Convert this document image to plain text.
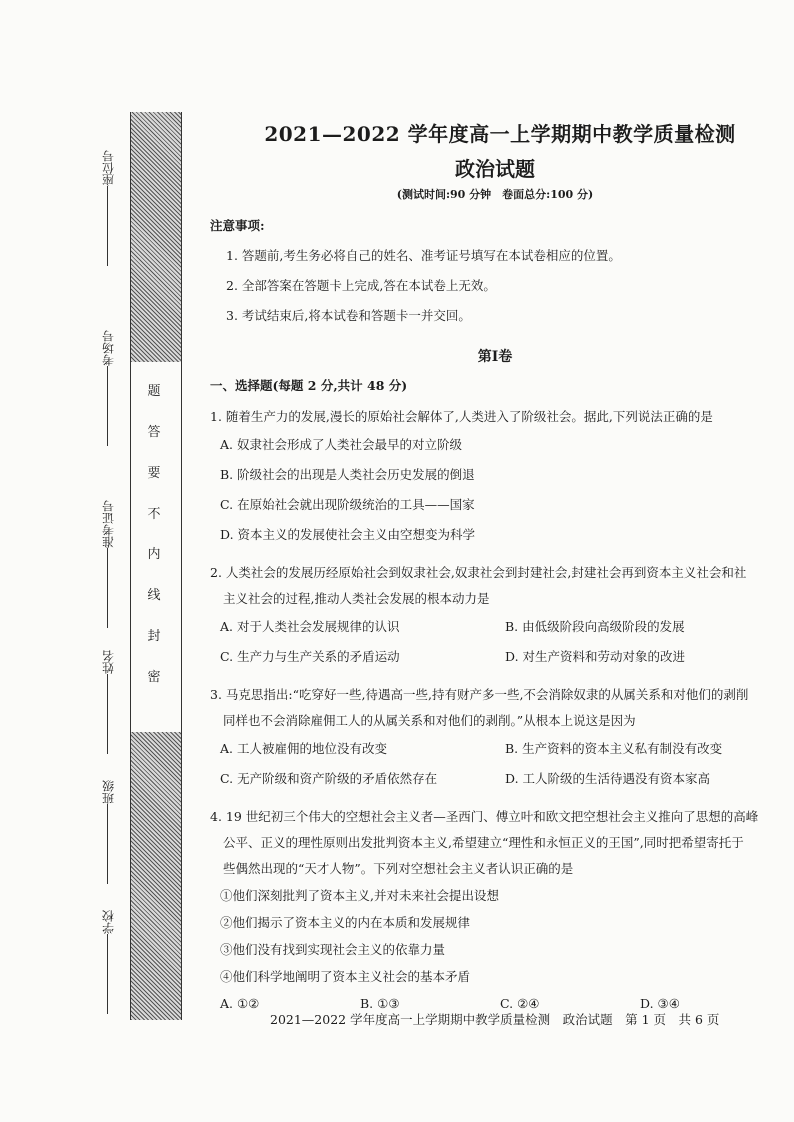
题
答
要
不
内
线
封
密
座位号
考场号
准考证号
姓名
班级
学校
2021—2022 学年度高一上学期期中教学质量检测
政治试题
(测试时间:90 分钟　卷面总分:100 分)
注意事项:
1. 答题前,考生务必将自己的姓名、准考证号填写在本试卷相应的位置。
2. 全部答案在答题卡上完成,答在本试卷上无效。
3. 考试结束后,将本试卷和答题卡一并交回。
第Ⅰ卷
一、选择题(每题 2 分,共计 48 分)
1. 随着生产力的发展,漫长的原始社会解体了,人类进入了阶级社会。据此,下列说法正确的是
A. 奴隶社会形成了人类社会最早的对立阶级
B. 阶级社会的出现是人类社会历史发展的倒退
C. 在原始社会就出现阶级统治的工具——国家
D. 资本主义的发展使社会主义由空想变为科学
2. 人类社会的发展历经原始社会到奴隶社会,奴隶社会到封建社会,封建社会再到资本主义社会和社
主义社会的过程,推动人类社会发展的根本动力是
A. 对于人类社会发展规律的认识	B. 由低级阶段向高级阶段的发展
C. 生产力与生产关系的矛盾运动	D. 对生产资料和劳动对象的改进
3. 马克思指出:“吃穿好一些,待遇高一些,持有财产多一些,不会消除奴隶的从属关系和对他们的剥削
同样也不会消除雇佣工人的从属关系和对他们的剥削。”从根本上说这是因为
A. 工人被雇佣的地位没有改变	B. 生产资料的资本主义私有制没有改变
C. 无产阶级和资产阶级的矛盾依然存在	D. 工人阶级的生活待遇没有资本家高
4. 19 世纪初三个伟大的空想社会主义者—圣西门、傅立叶和欧文把空想社会主义推向了思想的高峰
公平、正义的理性原则出发批判资本主义,希望建立“理性和永恒正义的王国”,同时把希望寄托于
些偶然出现的“天才人物”。下列对空想社会主义者认识正确的是
①他们深刻批判了资本主义,并对未来社会提出设想
②他们揭示了资本主义的内在本质和发展规律
③他们没有找到实现社会主义的依靠力量
④他们科学地阐明了资本主义社会的基本矛盾
A. ①②	B. ①③	C. ②④	D. ③④
2021—2022 学年度高一上学期期中教学质量检测　政治试题　第 1 页　共 6 页
